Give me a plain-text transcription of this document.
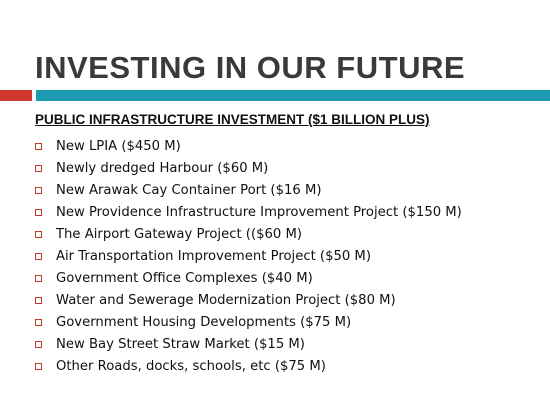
INVESTING IN OUR FUTURE
PUBLIC INFRASTRUCTURE INVESTMENT ($1 BILLION PLUS)
New LPIA ($450 M)
Newly dredged Harbour ($60 M)
New Arawak Cay Container Port ($16 M)
New Providence Infrastructure Improvement Project ($150 M)
The Airport Gateway Project (($60 M)
Air Transportation Improvement Project ($50 M)
Government Office Complexes ($40 M)
Water and Sewerage Modernization Project ($80 M)
Government Housing Developments ($75 M)
New Bay Street Straw Market ($15 M)
Other Roads, docks, schools, etc ($75 M)
